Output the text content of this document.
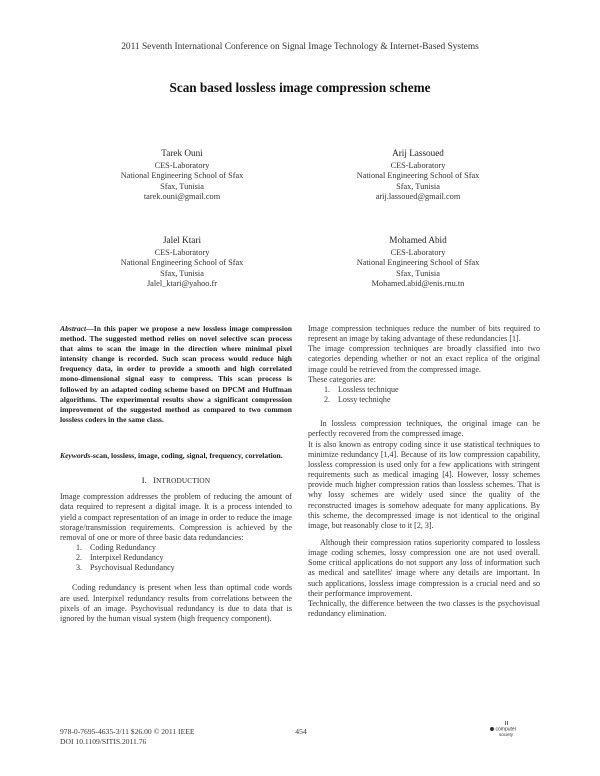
2011 Seventh International Conference on Signal Image Technology & Internet-Based Systems
Scan based lossless image compression scheme
Tarek Ouni
CES-Laboratory
National Engineering School of Sfax
Sfax, Tunisia
tarek.ouni@gmail.com
Arij Lassoued
CES-Laboratory
National Engineering School of Sfax
Sfax, Tunisia
arij.lassoued@gmail.com
Jalel Ktari
CES-Laboratory
National Engineering School of Sfax
Sfax, Tunisia
Jalel_ktari@yahoo.fr
Mohamed Abid
CES-Laboratory
National Engineering School of Sfax
Sfax, Tunisia
Mohamed.abid@enis.rnu.tn

Abstract—In this paper we propose a new lossless image compression method. The suggested method relies on novel selective scan process that aims to scan the image in the direction where minimal pixel intensity change is recorded. Such scan process would reduce high frequency data, in order to provide a smooth and high correlated mono-dimensional signal easy to compress. This scan process is followed by an adapted coding scheme based on DPCM and Huffman algorithms. The experimental results show a significant compression improvement of the suggested method as compared to two common lossless coders in the same class.

Keywords-scan, lossless, image, coding, signal, frequency, correlation.

I. INTRODUCTION

Image compression addresses the problem of reducing the amount of data required to represent a digital image. It is a process intended to yield a compact representation of an image in order to reduce the image storage/transmission requirements. Compression is achieved by the removal of one or more of three basic data redundancies:

1. Coding Redundancy
2. Interpixel Redundancy
3. Psychovisual Redundancy

Coding redundancy is present when less than optimal code words are used. Interpixel redundancy results from correlations between the pixels of an image. Psychovisual redundancy is due to data that is ignored by the human visual system (high frequency component).

Image compression techniques reduce the number of bits required to represent an image by taking advantage of these redundancies [1].

The image compression techniques are broadly classified into two categories depending whether or not an exact replica of the original image could be retrieved from the compressed image.

These categories are:

1. Lossless technique
2. Lossy techniqhe

In lossless compression techniques, the original image can be perfectly recovered from the compressed image.

It is also known as entropy coding since it use statistical techniques to minimize redundancy [1,4]. Because of its low compression capability, lossless compression is used only for a few applications with stringent requirements such as medical imaging [4]. However, lossy schemes provide much higher compression ratios than lossless schemes. That is why lossy schemes are widely used since the quality of the reconstructed images is somehow adequate for many applications. By this scheme, the decompressed image is not identical to the original image, but reasonably close to it [2, 3].

Although their compression ratios superiority compared to lossless image coding schemes, lossy compression one are not used overall. Some critical applications do not support any loss of information such as medical and satellites' image where any details are important. In such applications, lossless image compression is a crucial need and so their performance improvement.

Technically, the difference between the two classes is the psychovisual redundancy elimination.

978-0-7695-4635-3/11 $26.00 © 2011 IEEE
DOI 10.1109/SITIS.2011.76
454	computer
society
